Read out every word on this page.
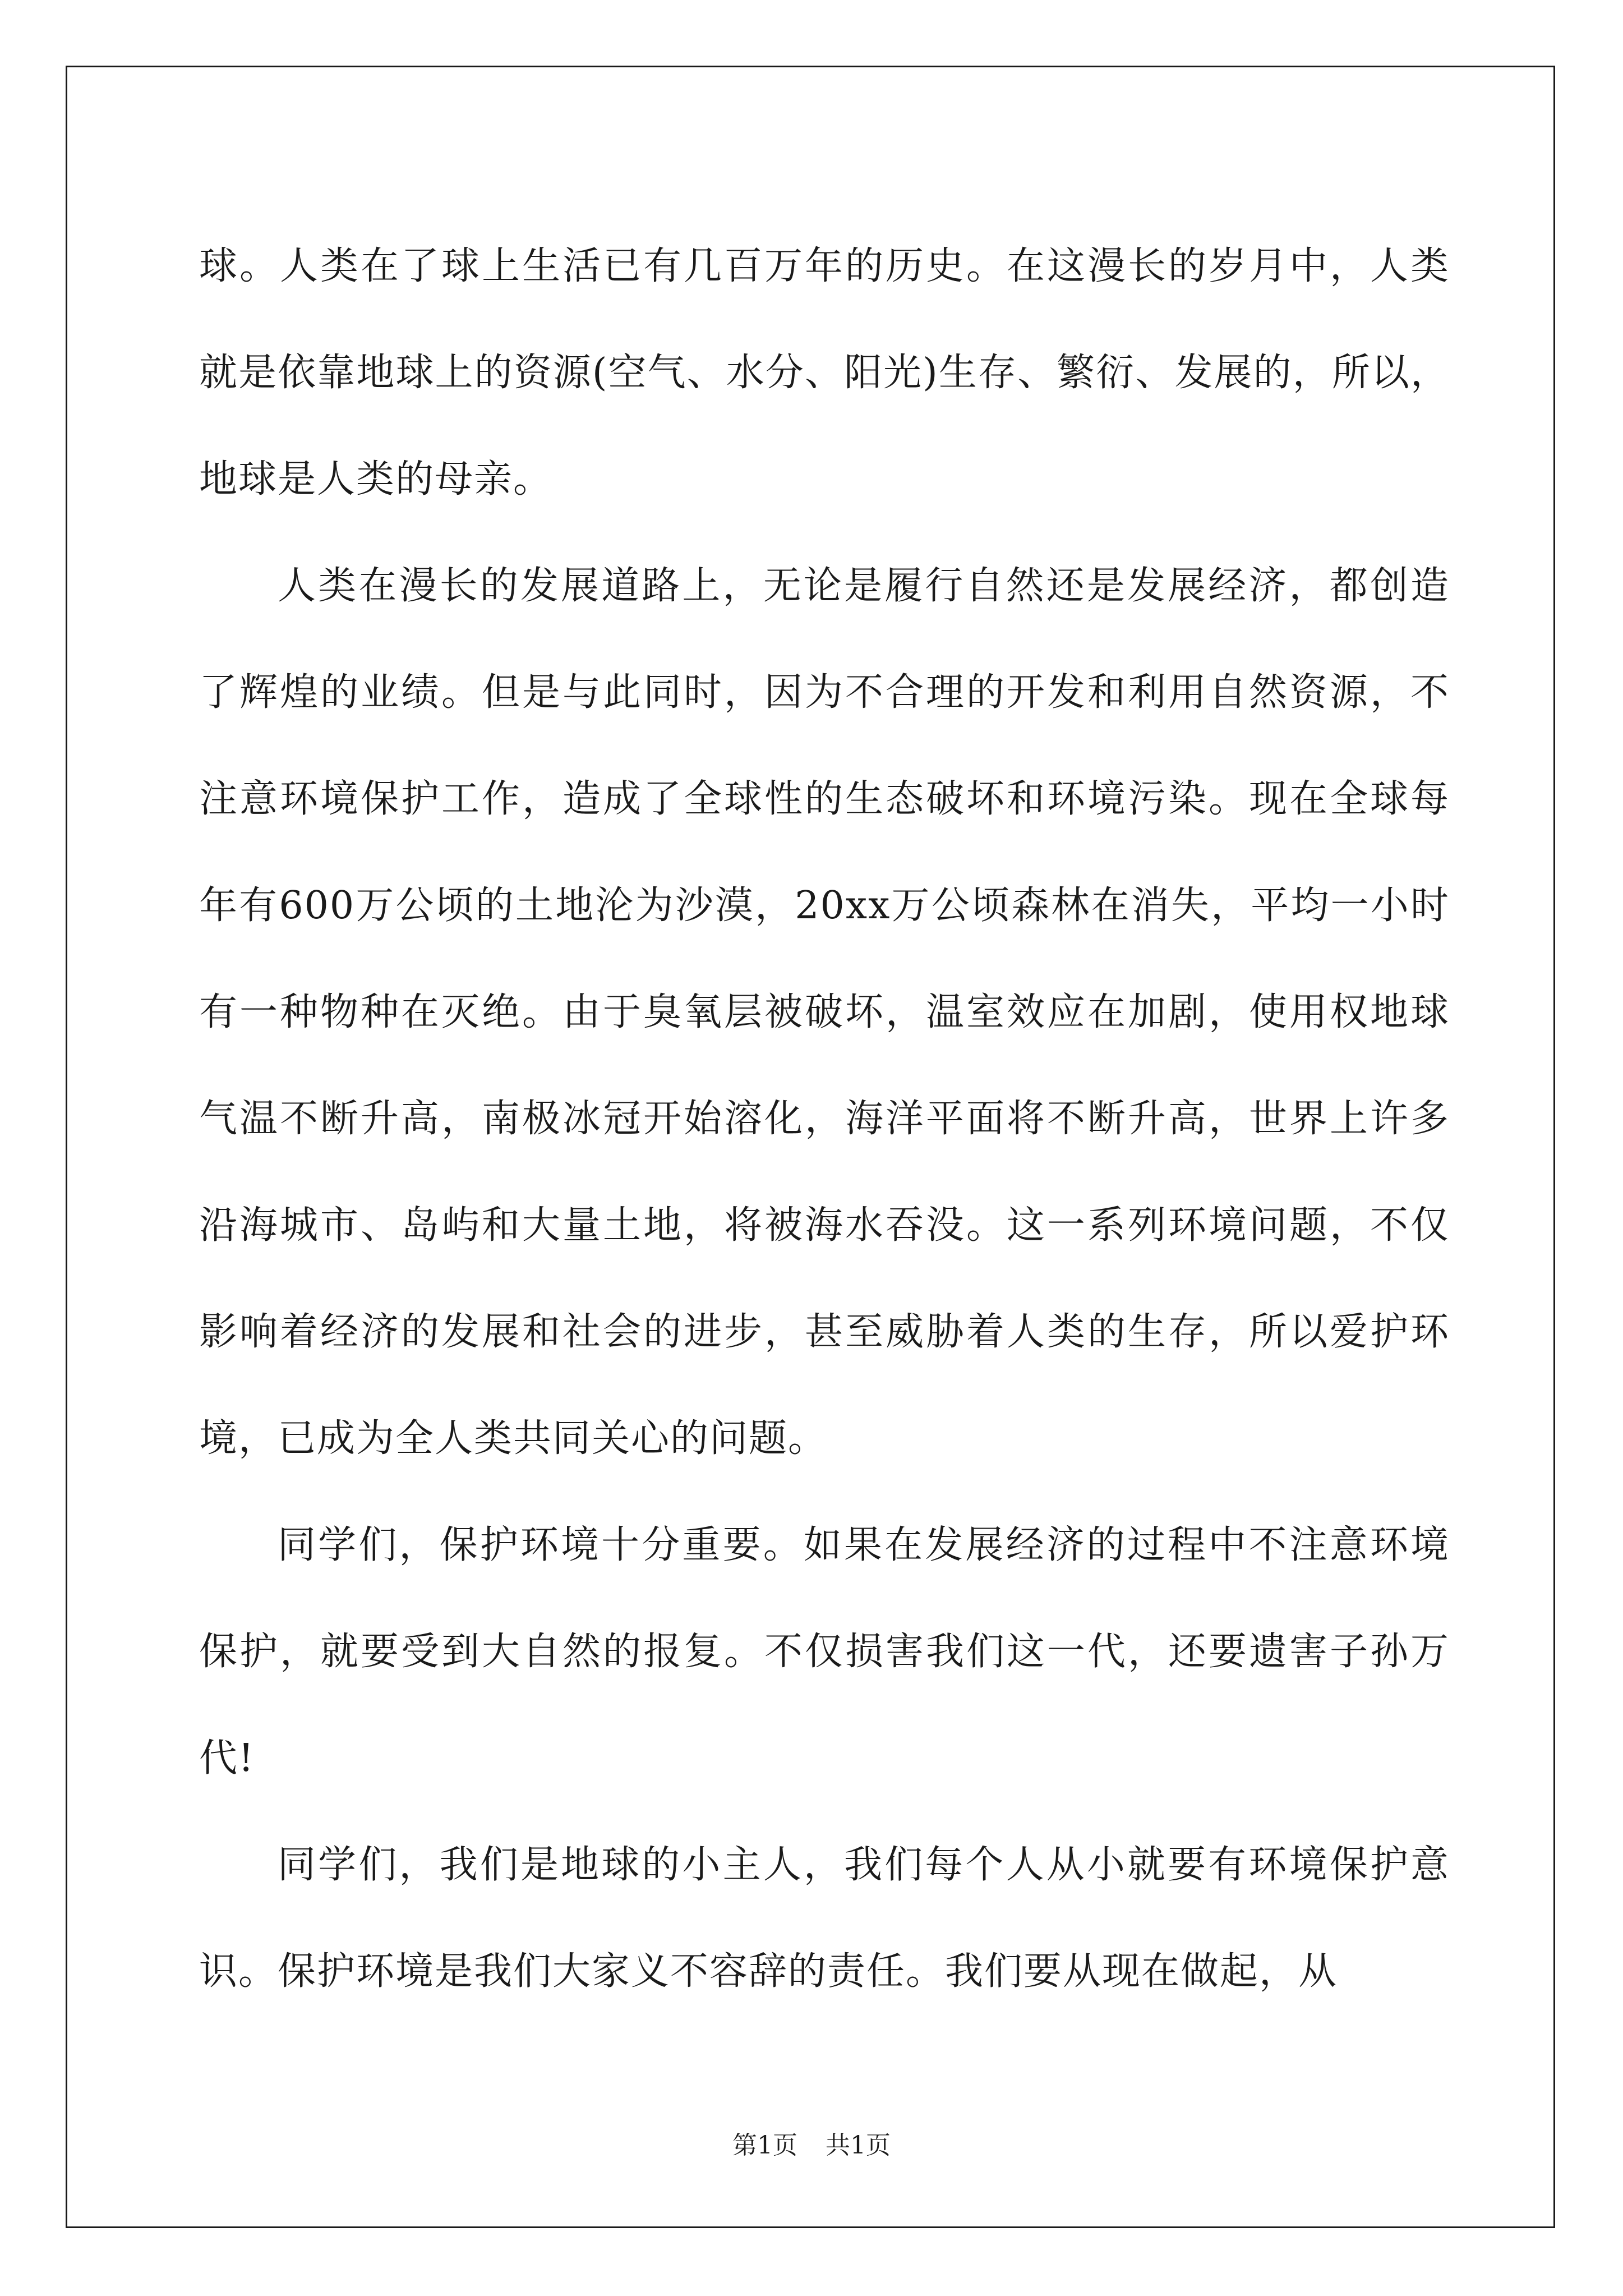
球。人类在了球上生活已有几百万年的历史。在这漫长的岁月中，人类就是依靠地球上的资源(空气、水分、阳光)生存、繁衍、发展的，所以，地球是人类的母亲。

人类在漫长的发展道路上，无论是履行自然还是发展经济，都创造了辉煌的业绩。但是与此同时，因为不合理的开发和利用自然资源，不注意环境保护工作，造成了全球性的生态破坏和环境污染。现在全球每年有600万公顷的土地沦为沙漠，20xx万公顷森林在消失，平均一小时有一种物种在灭绝。由于臭氧层被破坏，温室效应在加剧，使用权地球气温不断升高，南极冰冠开始溶化，海洋平面将不断升高，世界上许多沿海城市、岛屿和大量土地，将被海水吞没。这一系列环境问题，不仅影响着经济的发展和社会的进步，甚至威胁着人类的生存，所以爱护环境，已成为全人类共同关心的问题。

同学们，保护环境十分重要。如果在发展经济的过程中不注意环境保护，就要受到大自然的报复。不仅损害我们这一代，还要遗害子孙万代!

同学们，我们是地球的小主人，我们每个人从小就要有环境保护意识。保护环境是我们大家义不容辞的责任。我们要从现在做起，从

第1页 共1页
